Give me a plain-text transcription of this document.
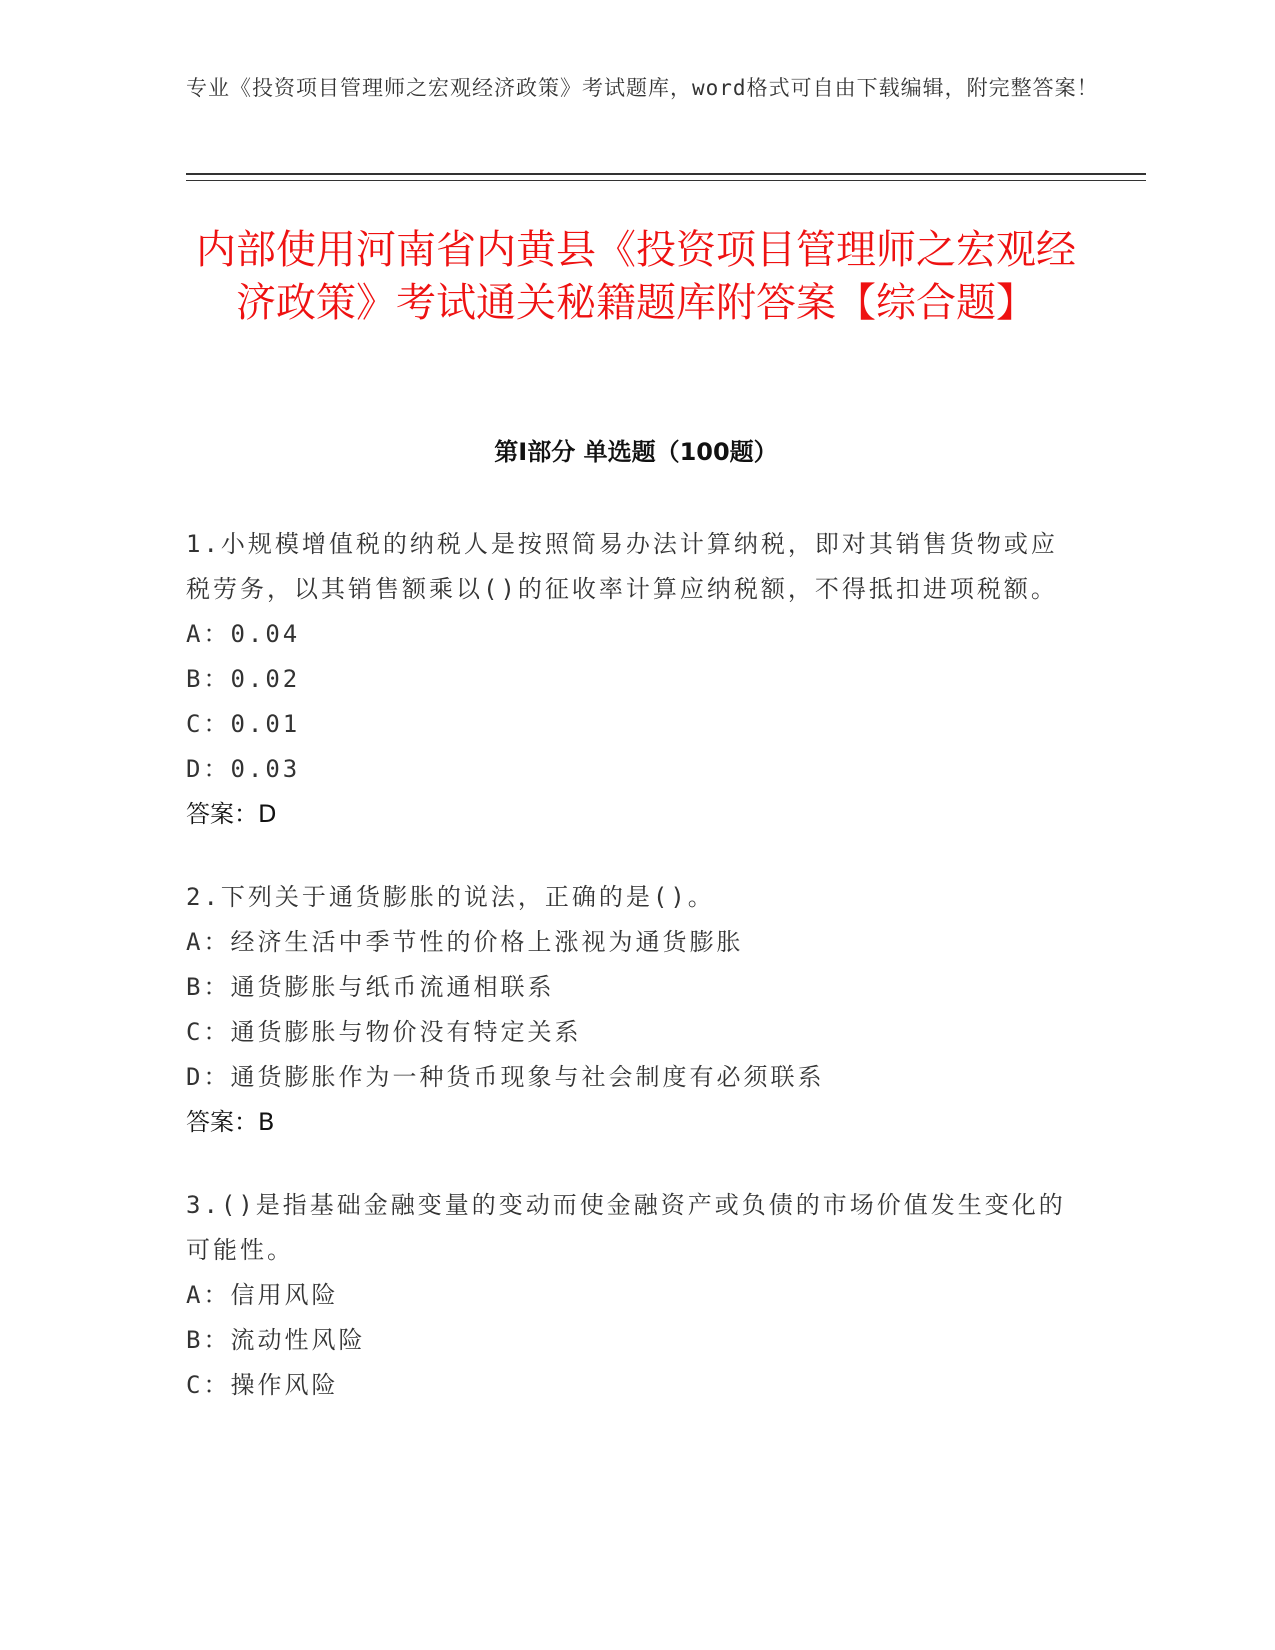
专业《投资项目管理师之宏观经济政策》考试题库，word格式可自由下载编辑，附完整答案！
内部使用河南省内黄县《投资项目管理师之宏观经济政策》考试通关秘籍题库附答案【综合题】
第Ⅰ部分 单选题（100题）
1.小规模增值税的纳税人是按照简易办法计算纳税，即对其销售货物或应税劳务，以其销售额乘以()的征收率计算应纳税额，不得抵扣进项税额。
A：0.04
B：0.02
C：0.01
D：0.03
答案：D
2.下列关于通货膨胀的说法，正确的是()。
A：经济生活中季节性的价格上涨视为通货膨胀
B：通货膨胀与纸币流通相联系
C：通货膨胀与物价没有特定关系
D：通货膨胀作为一种货币现象与社会制度有必须联系
答案：B
3.()是指基础金融变量的变动而使金融资产或负债的市场价值发生变化的可能性。
A：信用风险
B：流动性风险
C：操作风险
